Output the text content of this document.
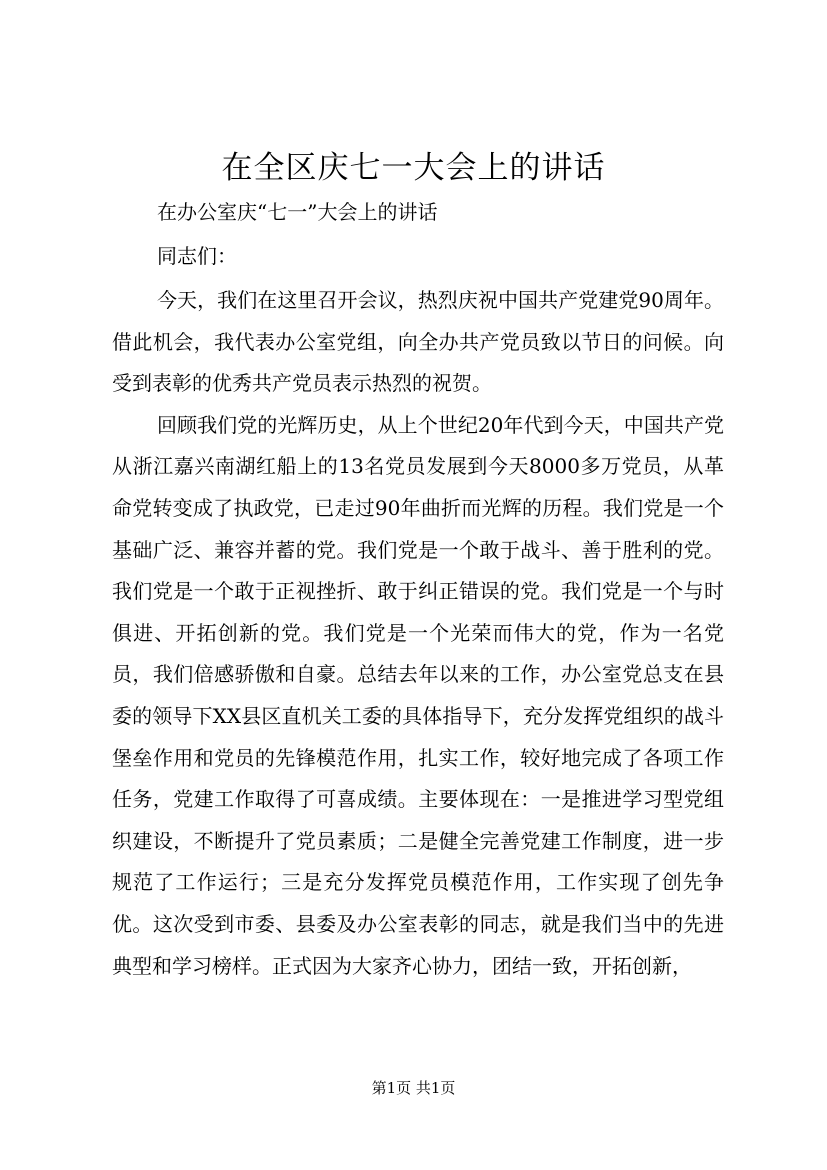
在全区庆七一大会上的讲话
在办公室庆“七一”大会上的讲话
同志们：

今天，我们在这里召开会议，热烈庆祝中国共产党建党90周年。借此机会，我代表办公室党组，向全办共产党员致以节日的问候。向受到表彰的优秀共产党员表示热烈的祝贺。

回顾我们党的光辉历史，从上个世纪20年代到今天，中国共产党从浙江嘉兴南湖红船上的13名党员发展到今天8000多万党员，从革命党转变成了执政党，已走过90年曲折而光辉的历程。我们党是一个基础广泛、兼容并蓄的党。我们党是一个敢于战斗、善于胜利的党。我们党是一个敢于正视挫折、敢于纠正错误的党。我们党是一个与时俱进、开拓创新的党。我们党是一个光荣而伟大的党，作为一名党员，我们倍感骄傲和自豪。总结去年以来的工作，办公室党总支在县委的领导下XX县区直机关工委的具体指导下，充分发挥党组织的战斗堡垒作用和党员的先锋模范作用，扎实工作，较好地完成了各项工作任务，党建工作取得了可喜成绩。主要体现在：一是推进学习型党组织建设，不断提升了党员素质；二是健全完善党建工作制度，进一步规范了工作运行；三是充分发挥党员模范作用，工作实现了创先争优。这次受到市委、县委及办公室表彰的同志，就是我们当中的先进典型和学习榜样。正式因为大家齐心协力，团结一致，开拓创新，

第1页 共1页
